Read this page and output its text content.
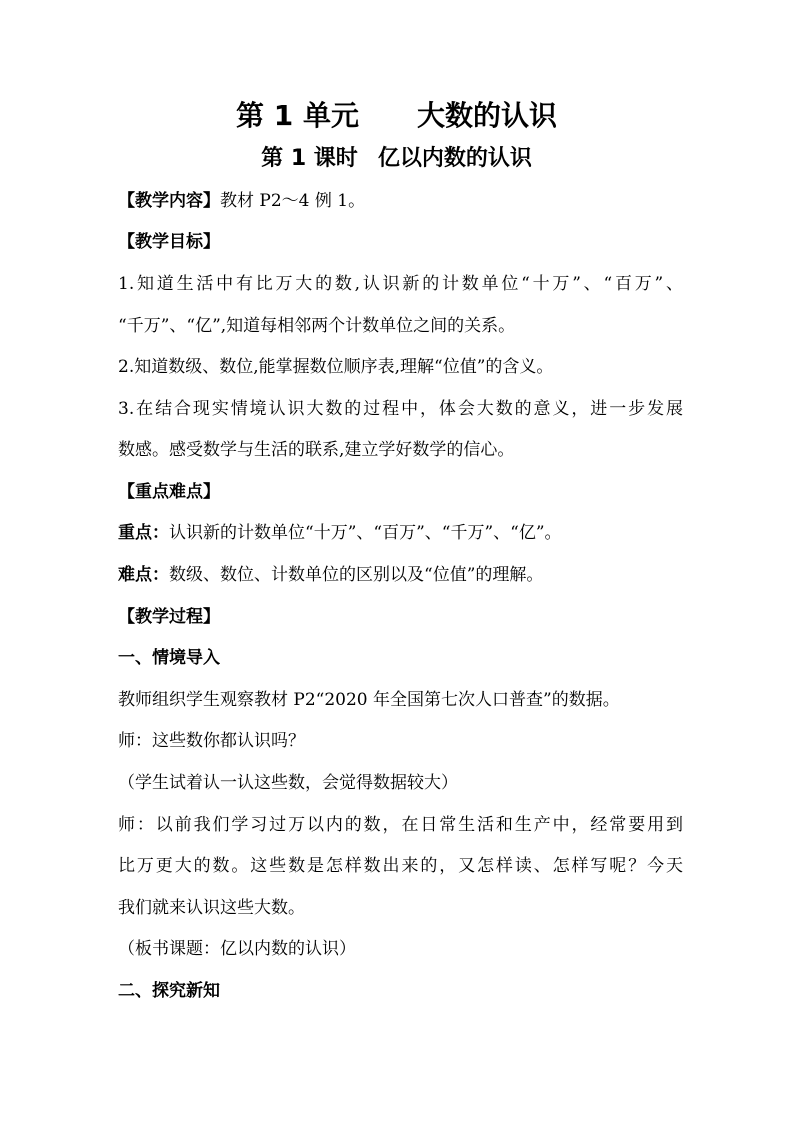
第 1 单元 大数的认识
第 1 课时 亿以内数的认识
【教学内容】教材 P2～4 例 1。
【教学目标】
1.知道生活中有比万大的数,认识新的计数单位“十万”、“百万”、
“千万”、“亿”,知道每相邻两个计数单位之间的关系。
2.知道数级、数位,能掌握数位顺序表,理解“位值”的含义。
3.在结合现实情境认识大数的过程中，体会大数的意义，进一步发展
数感。感受数学与生活的联系,建立学好数学的信心。
【重点难点】
重点：认识新的计数单位“十万”、“百万”、“千万”、“亿”。
难点：数级、数位、计数单位的区别以及“位值”的理解。
【教学过程】
一、情境导入
教师组织学生观察教材 P2“2020 年全国第七次人口普查”的数据。
师：这些数你都认识吗？
（学生试着认一认这些数，会觉得数据较大）
师：以前我们学习过万以内的数，在日常生活和生产中，经常要用到
比万更大的数。这些数是怎样数出来的，又怎样读、怎样写呢？今天
我们就来认识这些大数。
（板书课题：亿以内数的认识）
二、探究新知
